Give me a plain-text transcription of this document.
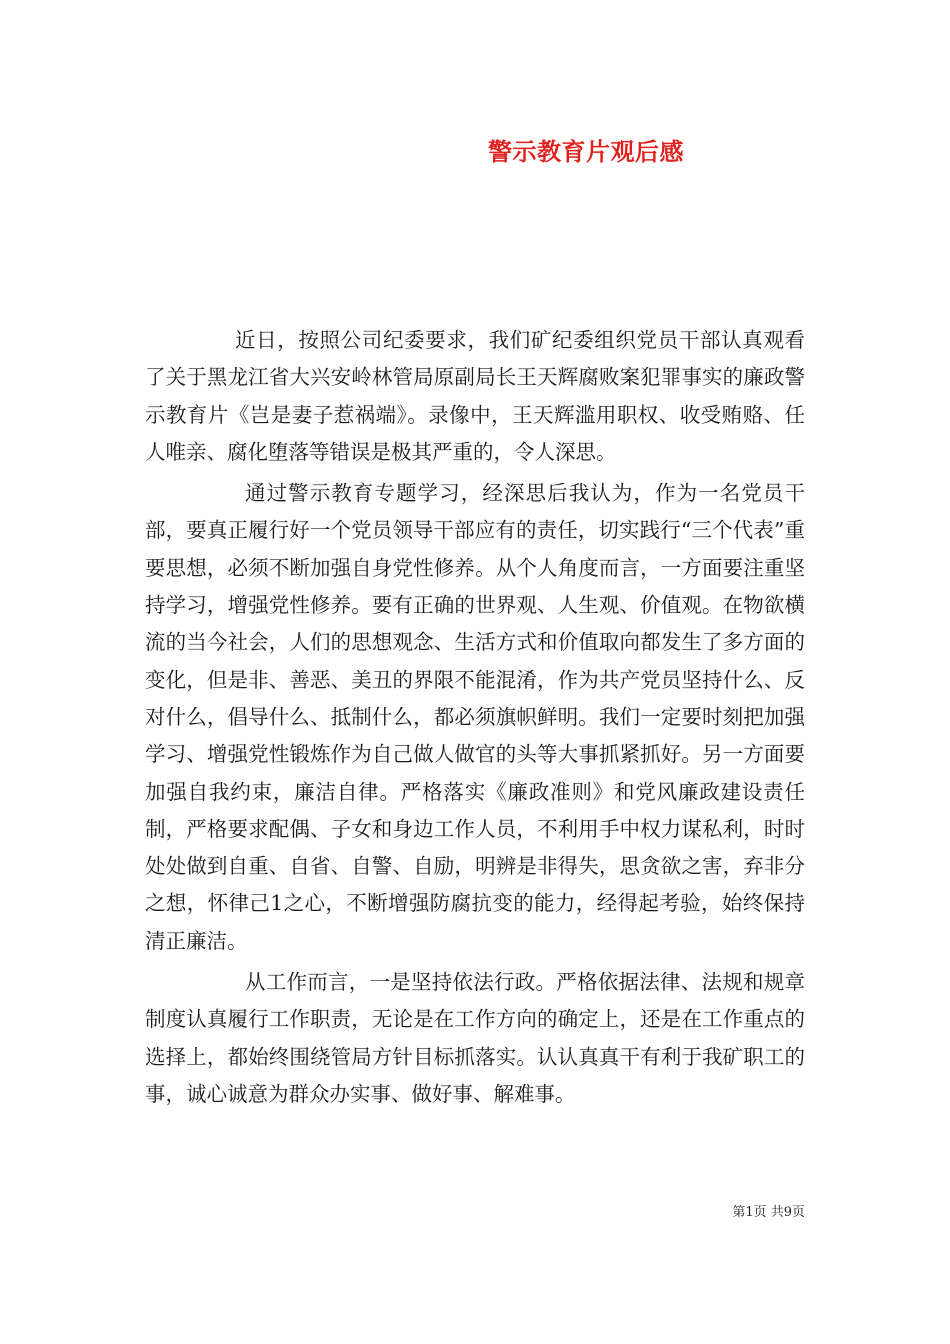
警示教育片观后感

近日，按照公司纪委要求，我们矿纪委组织党员干部认真观看了关于黑龙江省大兴安岭林管局原副局长王天辉腐败案犯罪事实的廉政警示教育片《岂是妻子惹祸端》。录像中，王天辉滥用职权、收受贿赂、任人唯亲、腐化堕落等错误是极其严重的，令人深思。

通过警示教育专题学习，经深思后我认为，作为一名党员干部，要真正履行好一个党员领导干部应有的责任，切实践行“三个代表”重要思想，必须不断加强自身党性修养。从个人角度而言，一方面要注重坚持学习，增强党性修养。要有正确的世界观、人生观、价值观。在物欲横流的当今社会，人们的思想观念、生活方式和价值取向都发生了多方面的变化，但是非、善恶、美丑的界限不能混淆，作为共产党员坚持什么、反对什么，倡导什么、抵制什么，都必须旗帜鲜明。我们一定要时刻把加强学习、增强党性锻炼作为自己做人做官的头等大事抓紧抓好。另一方面要加强自我约束，廉洁自律。严格落实《廉政准则》和党风廉政建设责任制，严格要求配偶、子女和身边工作人员，不利用手中权力谋私利，时时处处做到自重、自省、自警、自励，明辨是非得失，思贪欲之害，弃非分之想，怀律己1之心，不断增强防腐抗变的能力，经得起考验，始终保持清正廉洁。

从工作而言，一是坚持依法行政。严格依据法律、法规和规章制度认真履行工作职责，无论是在工作方向的确定上，还是在工作重点的选择上，都始终围绕管局方针目标抓落实。认认真真干有利于我矿职工的事，诚心诚意为群众办实事、做好事、解难事。

第1页 共9页
